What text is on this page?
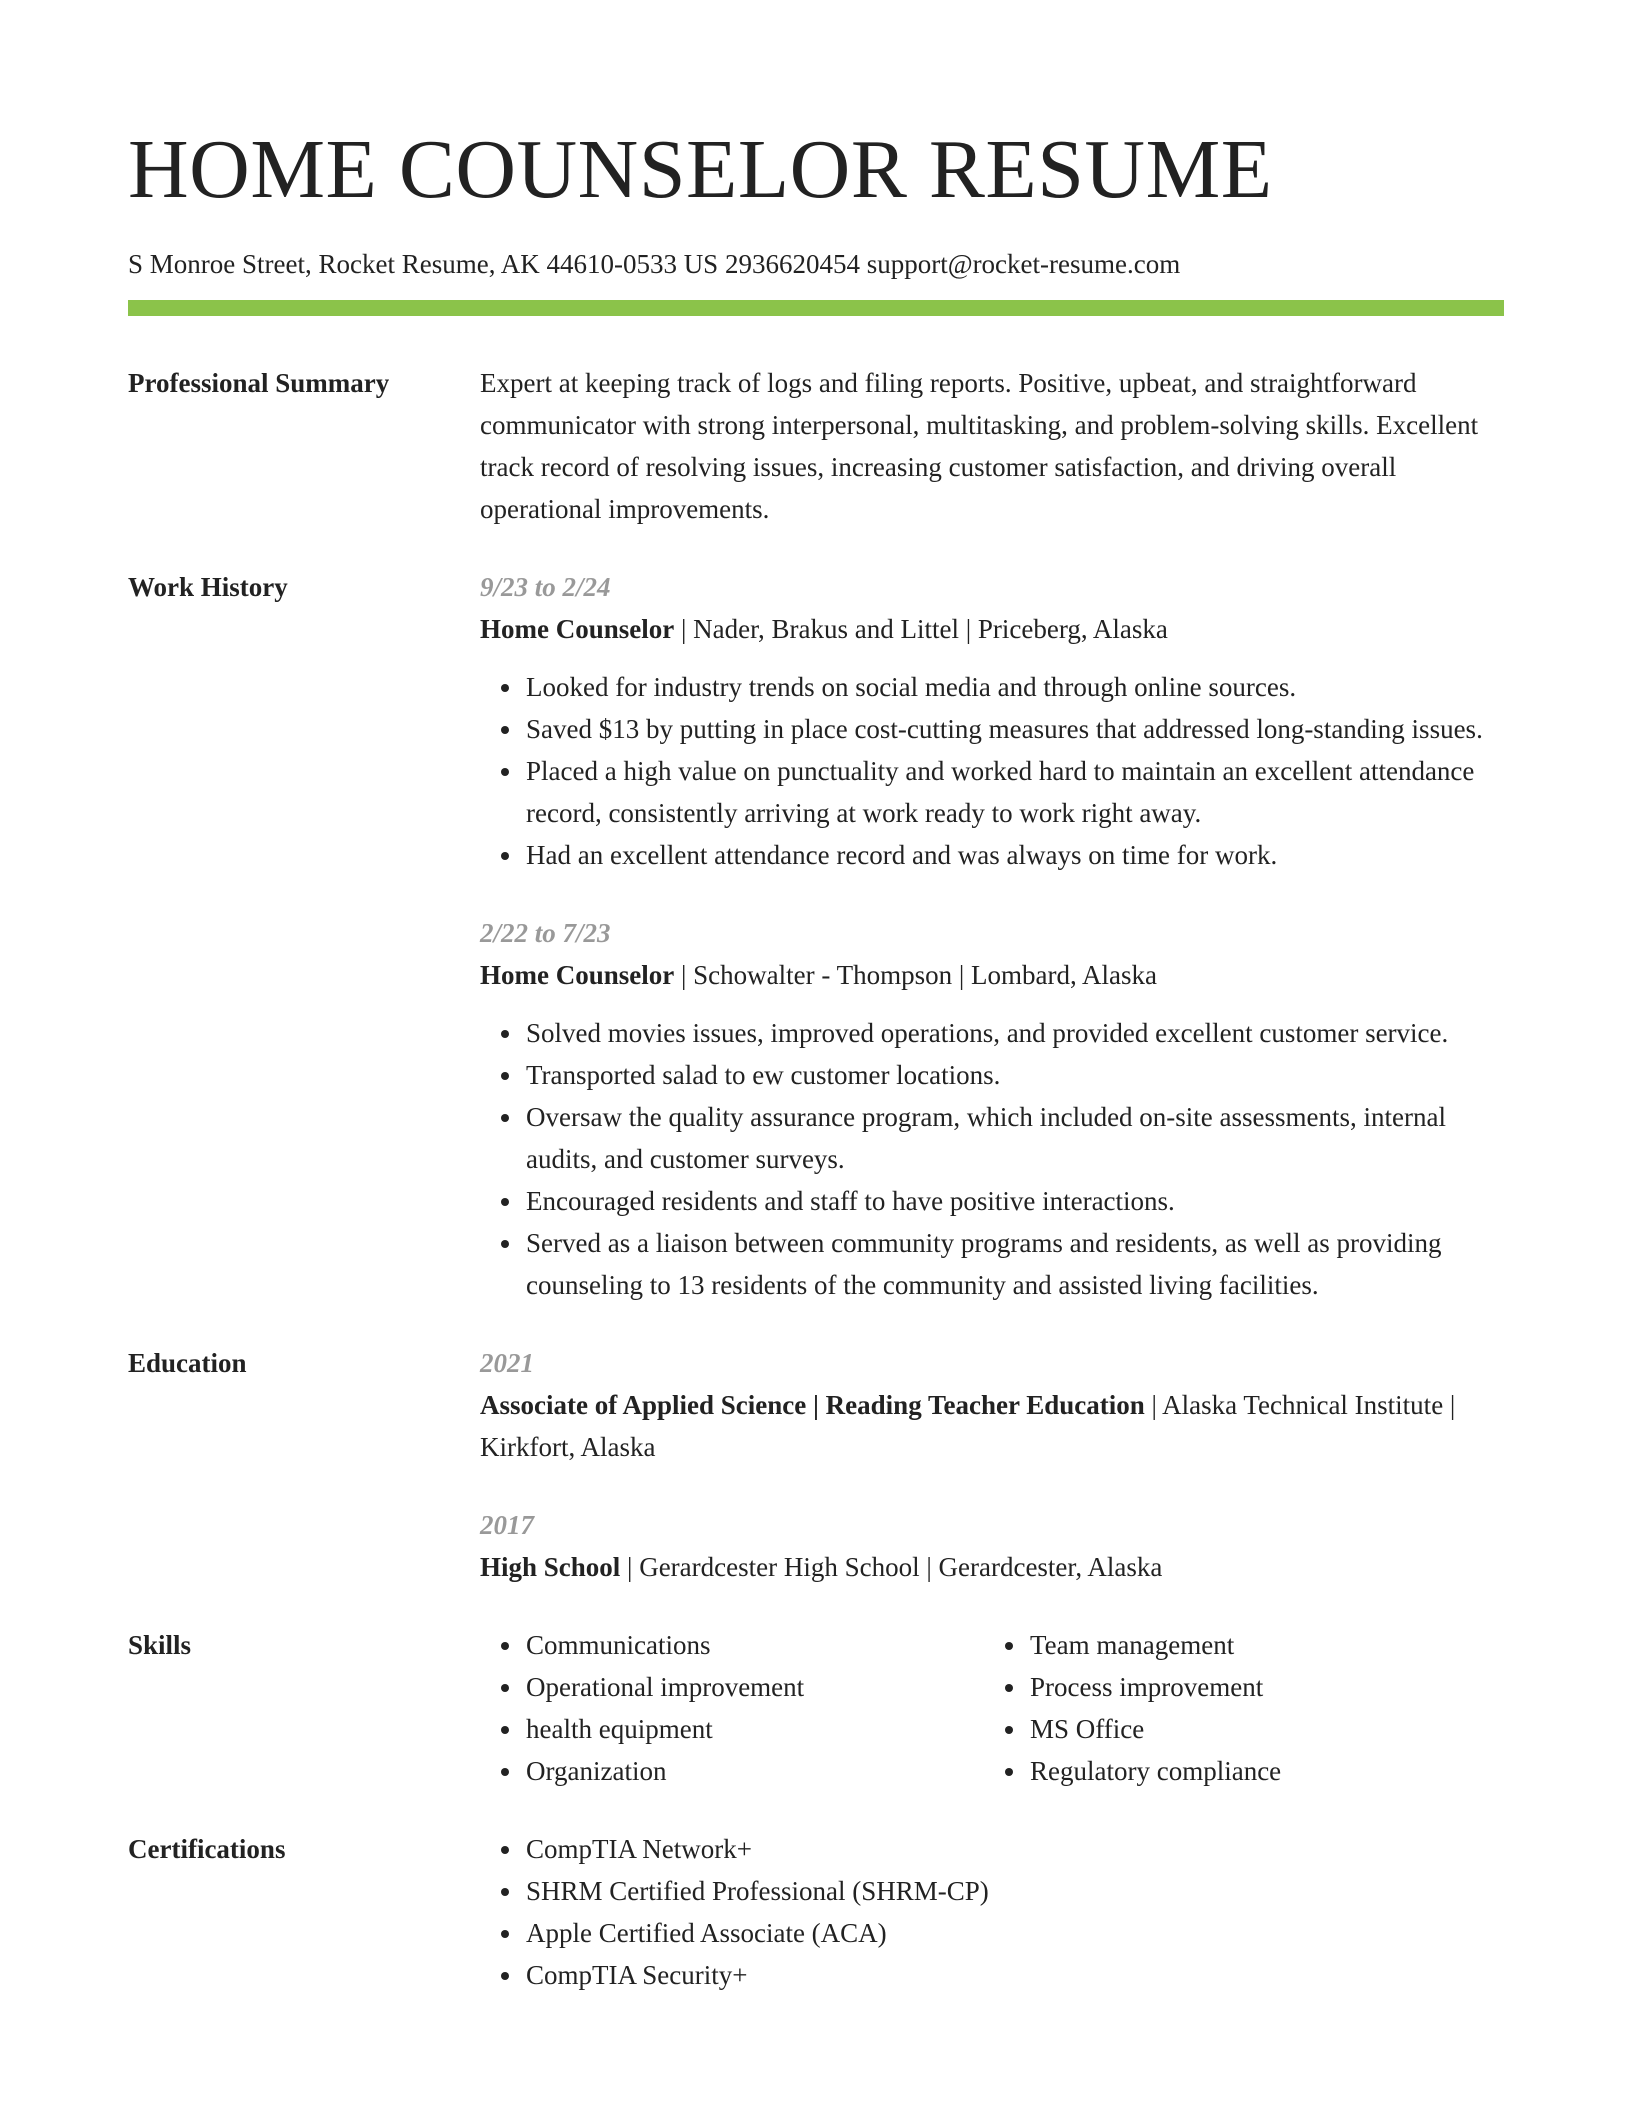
HOME COUNSELOR RESUME
S Monroe Street, Rocket Resume, AK 44610-0533 US 2936620454 support@rocket-resume.com
Professional Summary	Expert at keeping track of logs and filing reports. Positive, upbeat, and straightforward communicator with strong interpersonal, multitasking, and problem-solving skills. Excellent track record of resolving issues, increasing customer satisfaction, and driving overall operational improvements.

Work History	9/23 to 2/24
Home Counselor | Nader, Brakus and Littel | Priceberg, Alaska
• Looked for industry trends on social media and through online sources.
• Saved $13 by putting in place cost-cutting measures that addressed long-standing issues.
• Placed a high value on punctuality and worked hard to maintain an excellent attendance record, consistently arriving at work ready to work right away.
• Had an excellent attendance record and was always on time for work.
2/22 to 7/23
Home Counselor | Schowalter - Thompson | Lombard, Alaska
• Solved movies issues, improved operations, and provided excellent customer service.
• Transported salad to ew customer locations.
• Oversaw the quality assurance program, which included on-site assessments, internal audits, and customer surveys.
• Encouraged residents and staff to have positive interactions.
• Served as a liaison between community programs and residents, as well as providing counseling to 13 residents of the community and assisted living facilities.
Education	2021
Associate of Applied Science | Reading Teacher Education | Alaska Technical Institute | Kirkfort, Alaska
2017
High School | Gerardcester High School | Gerardcester, Alaska
Skills	• Communications
• Operational improvement
• health equipment
• Organization
• Team management
• Process improvement
• MS Office
• Regulatory compliance
Certifications	• CompTIA Network+
• SHRM Certified Professional (SHRM-CP)
• Apple Certified Associate (ACA)
• CompTIA Security+
